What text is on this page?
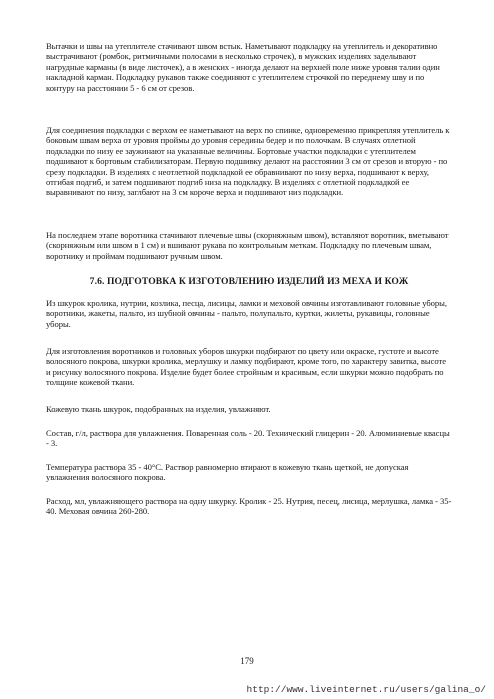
Вытачки и швы на утеплителе стачивают швом встык. Наметывают подкладку на утеплитель и декоративно выстрачивают (ромбок, ритмичными полосами в несколько строчек), в мужских изделиях заделывают нагрудные карманы (в виде листочек), а в женских - иногда делают на верхней поле ниже уровня талии один накладной карман. Подкладку рукавов также соединяют с утеплителем строчкой по переднему шву и по контуру на расстоянии 5 - 6 см от срезов.

Для соединения подкладки с верхом ее наметывают на верх по спинке, одновременно прикрепляя утеплитель к боковым швам верха от уровня проймы до уровня середины бедер и по полочкам. В случаях отлетной подкладки по низу ее заужинают на указанные величины. Бортовые участки подкладки с утеплителем подшивают к бортовым стабилизаторам. Первую подшивку делают на расстоянии 3 см от срезов и вторую - по срезу подкладки. В изделиях с неотлетной подкладкой ее обравнивают по низу верха, подшивают к верху, отгибая подгиб, и затем подшивают подгиб низа на подкладку. В изделиях с отлетной подкладкой ее выравнивают по низу, заглбают на 3 см короче верха и подшивают низ подкладки.

На последнем этапе воротника стачивают плечевые швы (скорняжным швом), вставляют воротник, вметывают (скорняжным или швом в 1 см) и вшивают рукава по контрольным меткам. Подкладку по плечевым швам, воротнику и проймам подшивают ручным швом.

7.6. ПОДГОТОВКА К ИЗГОТОВЛЕНИЮ ИЗДЕЛИЙ ИЗ МЕХА И КОЖ

Из шкурок кролика, нутрии, козлика, песца, лисицы, ламки и меховой овчины изготавливают головные уборы, воротники, жакеты, пальто, из шубной овчины - пальто, полупальто, куртки, жилеты, рукавицы, головные уборы.

Для изготовления воротников и головных уборов шкурки подбирают по цвету или окраске, густоте и высоте волосяного покрова, шкурки кролика, мерлушку и ламку подбирают, кроме того, по характеру завитка, высоте и рисунку волосяного покрова. Изделие будет более стройным и красивым, если шкурки можно подобрать по толщине кожевой ткани.

Кожевую ткань шкурок, подобранных на изделия, увлажняют.

Состав, г/л, раствора для увлажнения. Поваренная соль - 20. Технический глицерин - 20. Алюминиевые квасцы - 3.

Температура раствора 35 - 40°С. Раствор равномерно втирают в кожевую ткань щеткой, не допуская увлажнения волосяного покрова.

Расход, мл, увлажняющего раствора на одну шкурку. Кролик - 25. Нутрия, песец, лисица, мерлушка, ламка - 35-40. Меховая овчина 260-280.

179
http://www.liveinternet.ru/users/galina_o/
